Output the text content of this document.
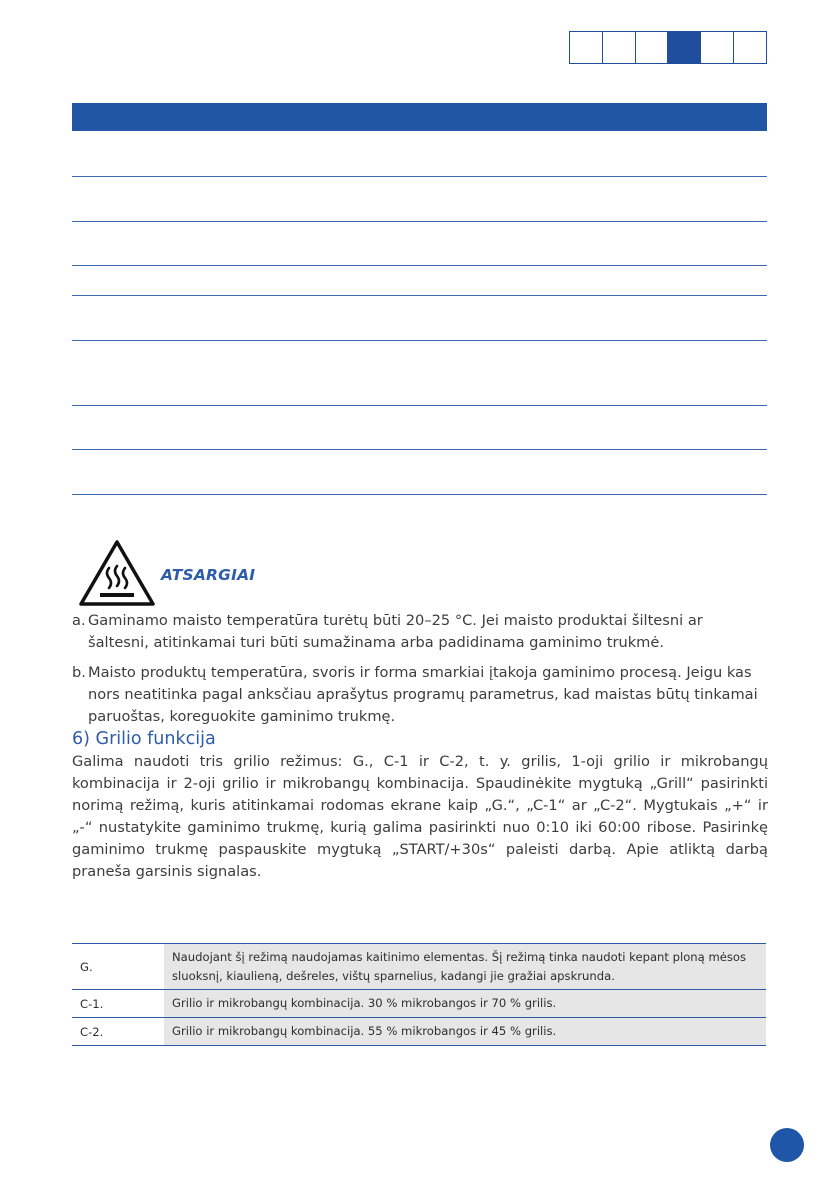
ATSARGIAI
a. Gaminamo maisto temperatūra turėtų būti 20–25 °C. Jei maisto produktai šiltesni ar šaltesni, atitinkamai turi būti sumažinama arba padidinama gaminimo trukmė.
b. Maisto produktų temperatūra, svoris ir forma smarkiai įtakoja gaminimo procesą. Jeigu kas nors neatitinka pagal anksčiau aprašytus programų parametrus, kad maistas būtų tinkamai paruoštas, koreguokite gaminimo trukmę.
6) Grilio funkcija
Galima naudoti tris grilio režimus: G., C-1 ir C-2, t. y. grilis, 1-oji grilio ir mikrobangų kombinacija ir 2-oji grilio ir mikrobangų kombinacija. Spaudinėkite mygtuką „Grill“ pasirinkti norimą režimą, kuris atitinkamai rodomas ekrane kaip „G.“, „C-1“ ar „C-2“. Mygtukais „+“ ir „-“ nustatykite gaminimo trukmę, kurią galima pasirinkti nuo 0:10 iki 60:00 ribose. Pasirinkę gaminimo trukmę paspauskite mygtuką „START/+30s“ paleisti darbą. Apie atliktą darbą praneša garsinis signalas.
G.	Naudojant šį režimą naudojamas kaitinimo elementas. Šį režimą tinka naudoti kepant ploną mėsos sluoksnį, kiaulieną, dešreles, vištų sparnelius, kadangi jie gražiai apskrunda.
C-1.	Grilio ir mikrobangų kombinacija. 30 % mikrobangos ir 70 % grilis.
C-2.	Grilio ir mikrobangų kombinacija. 55 % mikrobangos ir 45 % grilis.
